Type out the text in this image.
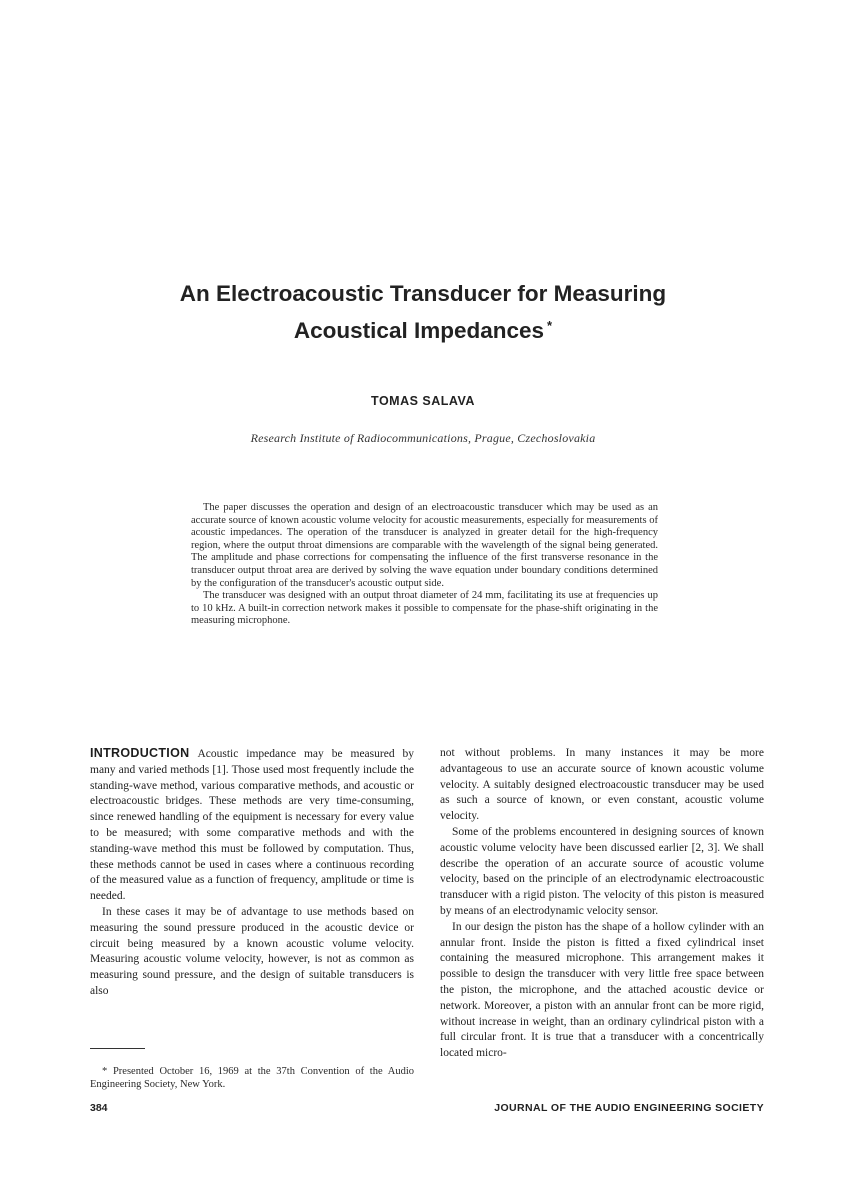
An Electroacoustic Transducer for Measuring
Acoustical Impedances *
TOMAS SALAVA
Research Institute of Radiocommunications, Prague, Czechoslovakia

The paper discusses the operation and design of an electroacoustic transducer which may be used as an accurate source of known acoustic volume velocity for acoustic measurements, especially for measurements of acoustic impedances. The operation of the transducer is analyzed in greater detail for the high-frequency region, where the output throat dimensions are comparable with the wavelength of the signal being generated. The amplitude and phase corrections for compensating the influence of the first transverse resonance in the transducer output throat area are derived by solving the wave equation under boundary conditions determined by the configuration of the transducer's acoustic output side.

The transducer was designed with an output throat diameter of 24 mm, facilitating its use at frequencies up to 10 kHz. A built-in correction network makes it possible to compensate for the phase-shift originating in the measuring microphone.

INTRODUCTION Acoustic impedance may be measured by many and varied methods [1]. Those used most frequently include the standing-wave method, various comparative methods, and acoustic or electroacoustic bridges. These methods are very time-consuming, since renewed handling of the equipment is necessary for every value to be measured; with some comparative methods and with the standing-wave method this must be followed by computation. Thus, these methods cannot be used in cases where a continuous recording of the measured value as a function of frequency, amplitude or time is needed.

In these cases it may be of advantage to use methods based on measuring the sound pressure produced in the acoustic device or circuit being measured by a known acoustic volume velocity. Measuring acoustic volume velocity, however, is not as common as measuring sound pressure, and the design of suitable transducers is also

not without problems. In many instances it may be more advantageous to use an accurate source of known acoustic volume velocity. A suitably designed electroacoustic transducer may be used as such a source of known, or even constant, acoustic volume velocity.

Some of the problems encountered in designing sources of known acoustic volume velocity have been discussed earlier [2, 3]. We shall describe the operation of an accurate source of acoustic volume velocity, based on the principle of an electrodynamic electroacoustic transducer with a rigid piston. The velocity of this piston is measured by means of an electrodynamic velocity sensor.

In our design the piston has the shape of a hollow cylinder with an annular front. Inside the piston is fitted a fixed cylindrical inset containing the measured microphone. This arrangement makes it possible to design the transducer with very little free space between the piston, the microphone, and the attached acoustic device or network. Moreover, a piston with an annular front can be more rigid, without increase in weight, than an ordinary cylindrical piston with a full circular front. It is true that a transducer with a concentrically located micro-

* Presented October 16, 1969 at the 37th Convention of the Audio Engineering Society, New York.
384	JOURNAL OF THE AUDIO ENGINEERING SOCIETY
